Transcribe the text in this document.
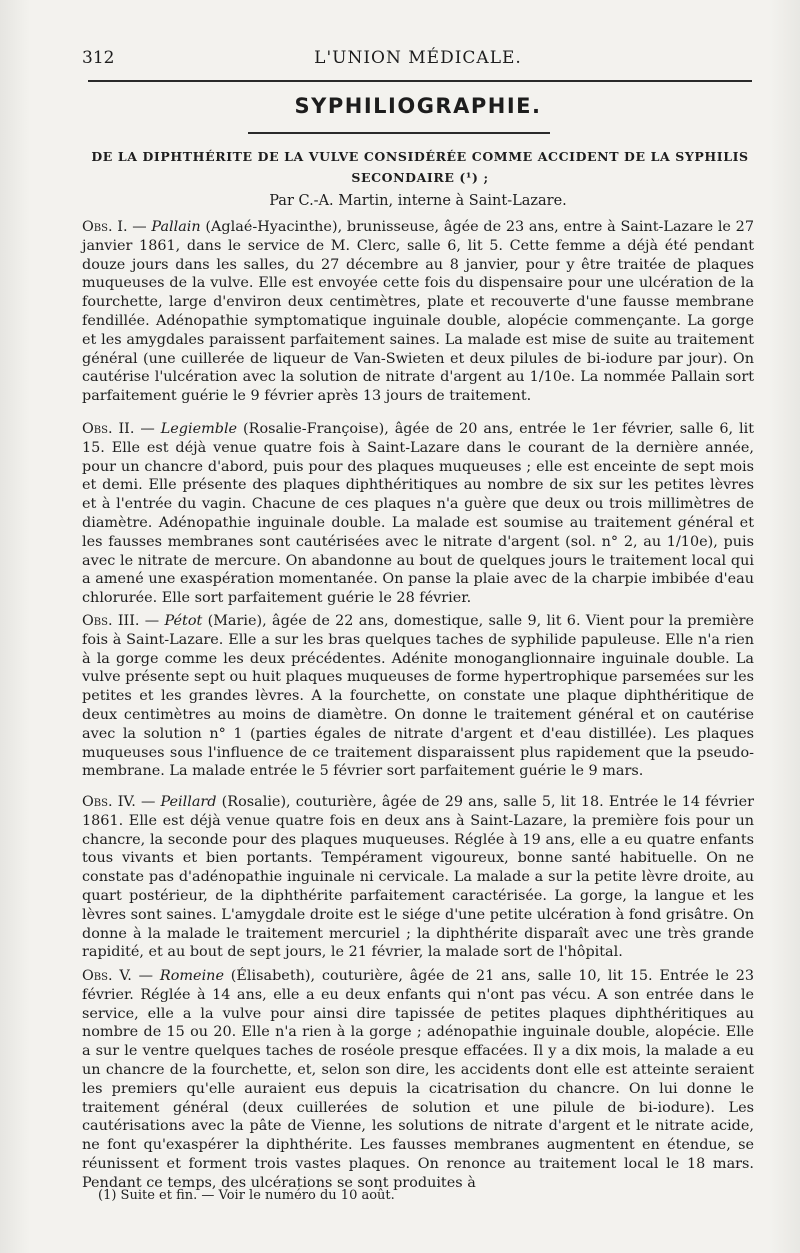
312	L'UNION MÉDICALE.
SYPHILIOGRAPHIE.
DE LA DIPHTHÉRITE DE LA VULVE CONSIDÉRÉE COMME ACCIDENT DE LA SYPHILIS SECONDAIRE (¹) ;
Par C.-A. Martin, interne à Saint-Lazare.

Obs. I. — Pallain (Aglaé-Hyacinthe), brunisseuse, âgée de 23 ans, entre à Saint-Lazare le 27 janvier 1861, dans le service de M. Clerc, salle 6, lit 5. Cette femme a déjà été pendant douze jours dans les salles, du 27 décembre au 8 janvier, pour y être traitée de plaques muqueuses de la vulve. Elle est envoyée cette fois du dispensaire pour une ulcération de la fourchette, large d'environ deux centimètres, plate et recouverte d'une fausse membrane fendillée. Adénopathie symptomatique inguinale double, alopécie commençante. La gorge et les amygdales paraissent parfaitement saines. La malade est mise de suite au traitement général (une cuillerée de liqueur de Van-Swieten et deux pilules de bi-iodure par jour). On cautérise l'ulcération avec la solution de nitrate d'argent au 1/10e. La nommée Pallain sort parfaitement guérie le 9 février après 13 jours de traitement.

Obs. II. — Legiemble (Rosalie-Françoise), âgée de 20 ans, entrée le 1er février, salle 6, lit 15. Elle est déjà venue quatre fois à Saint-Lazare dans le courant de la dernière année, pour un chancre d'abord, puis pour des plaques muqueuses ; elle est enceinte de sept mois et demi. Elle présente des plaques diphthéritiques au nombre de six sur les petites lèvres et à l'entrée du vagin. Chacune de ces plaques n'a guère que deux ou trois millimètres de diamètre. Adénopathie inguinale double. La malade est soumise au traitement général et les fausses membranes sont cautérisées avec le nitrate d'argent (sol. n° 2, au 1/10e), puis avec le nitrate de mercure. On abandonne au bout de quelques jours le traitement local qui a amené une exaspération momentanée. On panse la plaie avec de la charpie imbibée d'eau chlorurée. Elle sort parfaitement guérie le 28 février.

Obs. III. — Pétot (Marie), âgée de 22 ans, domestique, salle 9, lit 6. Vient pour la première fois à Saint-Lazare. Elle a sur les bras quelques taches de syphilide papuleuse. Elle n'a rien à la gorge comme les deux précédentes. Adénite monoganglionnaire inguinale double. La vulve présente sept ou huit plaques muqueuses de forme hypertrophique parsemées sur les petites et les grandes lèvres. A la fourchette, on constate une plaque diphthéritique de deux centimètres au moins de diamètre. On donne le traitement général et on cautérise avec la solution n° 1 (parties égales de nitrate d'argent et d'eau distillée). Les plaques muqueuses sous l'influence de ce traitement disparaissent plus rapidement que la pseudo-membrane. La malade entrée le 5 février sort parfaitement guérie le 9 mars.

Obs. IV. — Peillard (Rosalie), couturière, âgée de 29 ans, salle 5, lit 18. Entrée le 14 février 1861. Elle est déjà venue quatre fois en deux ans à Saint-Lazare, la première fois pour un chancre, la seconde pour des plaques muqueuses. Réglée à 19 ans, elle a eu quatre enfants tous vivants et bien portants. Tempérament vigoureux, bonne santé habituelle. On ne constate pas d'adénopathie inguinale ni cervicale. La malade a sur la petite lèvre droite, au quart postérieur, de la diphthérite parfaitement caractérisée. La gorge, la langue et les lèvres sont saines. L'amygdale droite est le siége d'une petite ulcération à fond grisâtre. On donne à la malade le traitement mercuriel ; la diphthérite disparaît avec une très grande rapidité, et au bout de sept jours, le 21 février, la malade sort de l'hôpital.

Obs. V. — Romeine (Élisabeth), couturière, âgée de 21 ans, salle 10, lit 15. Entrée le 23 février. Réglée à 14 ans, elle a eu deux enfants qui n'ont pas vécu. A son entrée dans le service, elle a la vulve pour ainsi dire tapissée de petites plaques diphthéritiques au nombre de 15 ou 20. Elle n'a rien à la gorge ; adénopathie inguinale double, alopécie. Elle a sur le ventre quelques taches de roséole presque effacées. Il y a dix mois, la malade a eu un chancre de la fourchette, et, selon son dire, les accidents dont elle est atteinte seraient les premiers qu'elle auraient eus depuis la cicatrisation du chancre. On lui donne le traitement général (deux cuillerées de solution et une pilule de bi-iodure). Les cautérisations avec la pâte de Vienne, les solutions de nitrate d'argent et le nitrate acide, ne font qu'exaspérer la diphthérite. Les fausses membranes augmentent en étendue, se réunissent et forment trois vastes plaques. On renonce au traitement local le 18 mars. Pendant ce temps, des ulcérations se sont produites à

(1) Suite et fin. — Voir le numéro du 10 août.
